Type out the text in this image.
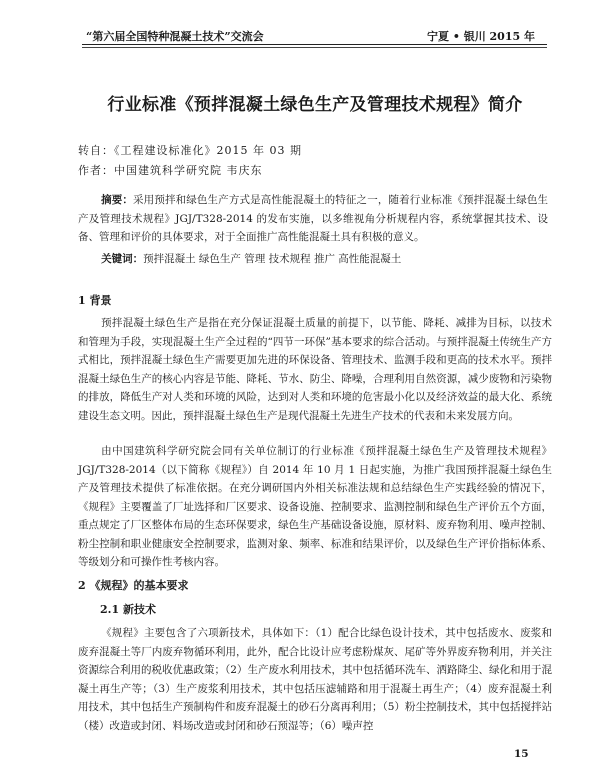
“第六届全国特种混凝土技术”交流会	宁夏 • 银川 2015 年
行业标准《预拌混凝土绿色生产及管理技术规程》简介
转自：《工程建设标准化》2015 年 03 期
作者：中国建筑科学研究院 韦庆东
摘要：采用预拌和绿色生产方式是高性能混凝土的特征之一，随着行业标准《预拌混凝土绿色生产及管理技术规程》JGJ/T328-2014 的发布实施，以多维视角分析规程内容，系统掌握其技术、设备、管理和评价的具体要求，对于全面推广高性能混凝土具有积极的意义。
关键词：预拌混凝土 绿色生产 管理 技术规程 推广 高性能混凝土
1 背景
预拌混凝土绿色生产是指在充分保证混凝土质量的前提下，以节能、降耗、减排为目标，以技术和管理为手段，实现混凝土生产全过程的“四节一环保”基本要求的综合活动。与预拌混凝土传统生产方式相比，预拌混凝土绿色生产需要更加先进的环保设备、管理技术、监测手段和更高的技术水平。预拌混凝土绿色生产的核心内容是节能、降耗、节水、防尘、降噪，合理利用自然资源，减少废物和污染物的排放，降低生产对人类和环境的风险，达到对人类和环境的危害最小化以及经济效益的最大化、系统建设生态文明。因此，预拌混凝土绿色生产是现代混凝土先进生产技术的代表和未来发展方向。
由中国建筑科学研究院会同有关单位制订的行业标准《预拌混凝土绿色生产及管理技术规程》JGJ/T328-2014（以下简称《规程》）自 2014 年 10 月 1 日起实施，为推广我国预拌混凝土绿色生产及管理技术提供了标准依据。在充分调研国内外相关标准法规和总结绿色生产实践经验的情况下，《规程》主要覆盖了厂址选择和厂区要求、设备设施、控制要求、监测控制和绿色生产评价五个方面，重点规定了厂区整体布局的生态环保要求，绿色生产基础设备设施，原材料、废弃物利用、噪声控制、粉尘控制和职业健康安全控制要求，监测对象、频率、标准和结果评价，以及绿色生产评价指标体系、等级划分和可操作性考核内容。
2 《规程》的基本要求
2.1 新技术
《规程》主要包含了六项新技术，具体如下：（1）配合比绿色设计技术，其中包括废水、废浆和废弃混凝土等厂内废弃物循环利用，此外，配合比设计应考虑粉煤灰、尾矿等外界废弃物利用，并关注资源综合利用的税收优惠政策；（2）生产废水利用技术，其中包括循环洗车、洒路降尘、绿化和用于混凝土再生产等；（3）生产废浆利用技术，其中包括压滤辅路和用于混凝土再生产；（4）废弃混凝土利用技术，其中包括生产预制构件和废弃混凝土的砂石分离再利用；（5）粉尘控制技术，其中包括搅拌站（楼）改造或封闭、料场改造或封闭和砂石预湿等；（6）噪声控
15
